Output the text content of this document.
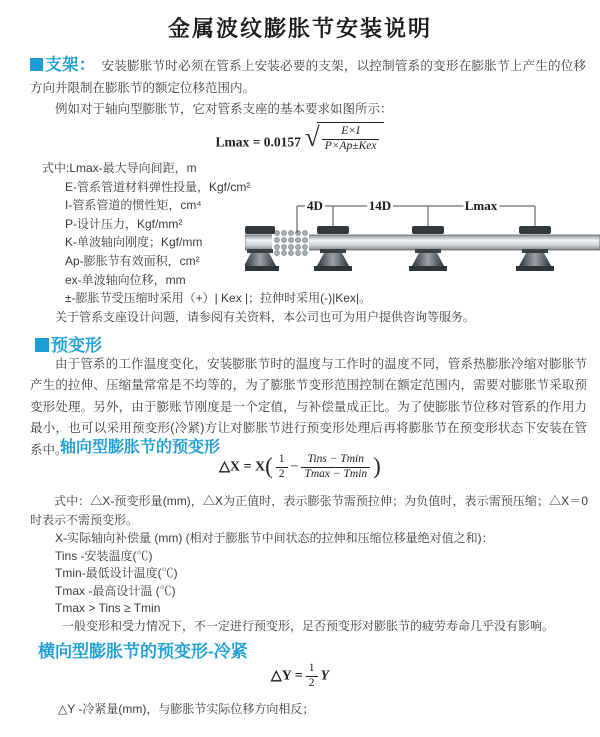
金属波纹膨胀节安装说明

支架： 安装膨胀节时必须在管系上安装必要的支架，以控制管系的变形在膨胀节上产生的位移方向并限制在膨胀节的额定位移范围内。

例如对于轴向型膨胀节，它对管系支座的基本要求如图所示：

Lmax = 0.0157 √ $\frac{E\times I}{\text{P×Ap±Kex}}$
式中:Lmax-最大导向间距，m
E-管系管道材料弹性投量，Kgf/cm²
I-管系管道的惯性矩，cm⁴
P-设计压力，Kgf/mm²
K-单波轴向刚度；Kgf/mm
Ap-膨胀节有效面积，cm²
ex-单波轴向位移，mm
±-膨胀节受压缩时采用（+）| Kex |；拉伸时采用(-)|Kex|。
关于管系支座设计问题，请参阅有关资料，本公司也可为用户提供咨询等服务。
4D	14D	Lmax
预变形
由于管系的工作温度变化，安装膨胀节时的温度与工作时的温度不同，管系热膨胀冷缩对膨胀节产生的拉伸、压缩量常常是不均等的，为了膨胀节变形范围控制在额定范围内，需要对膨胀节采取预变形处理。另外，由于膨账节刚度是一个定值，与补偿量成正比。为了使膨胀节位移对管系的作用力最小，也可以采用预变形(冷紧)方让对膨胀节进行预变形处理后再将膨胀节在预变形状态下安装在管系中。
轴向型膨胀节的预变形
△X = $X( \frac{1}{2} - \frac{\text{Tins − Tmin}}{Tmax - Tmin}$ )
式中：△X-预变形量(mm)，△X为正值时，表示膨张节需预拉伸；为负值时，表示需预压缩；△X＝0时表示不需预变形。
X-实际轴向补偿量 (mm) (相对于膨胀节中间状态的拉伸和压缩位移量绝对值之和)：
Tins -安装温度(℃)
Tmin-最低设计温度(℃)
Tmax -最高设计温 (℃)
Tmax > Tins ≥ Tmin
一般变形和受力情况下，不一定进行预变形，足否预变形对膨胀节的疲劳寿命几乎没有影响。
横向型膨胀节的预变形-冷紧
△Y = $\frac{1}{2}$ Y
△Y -冷紧量(mm)，与膨胀节实际位移方向相反；
